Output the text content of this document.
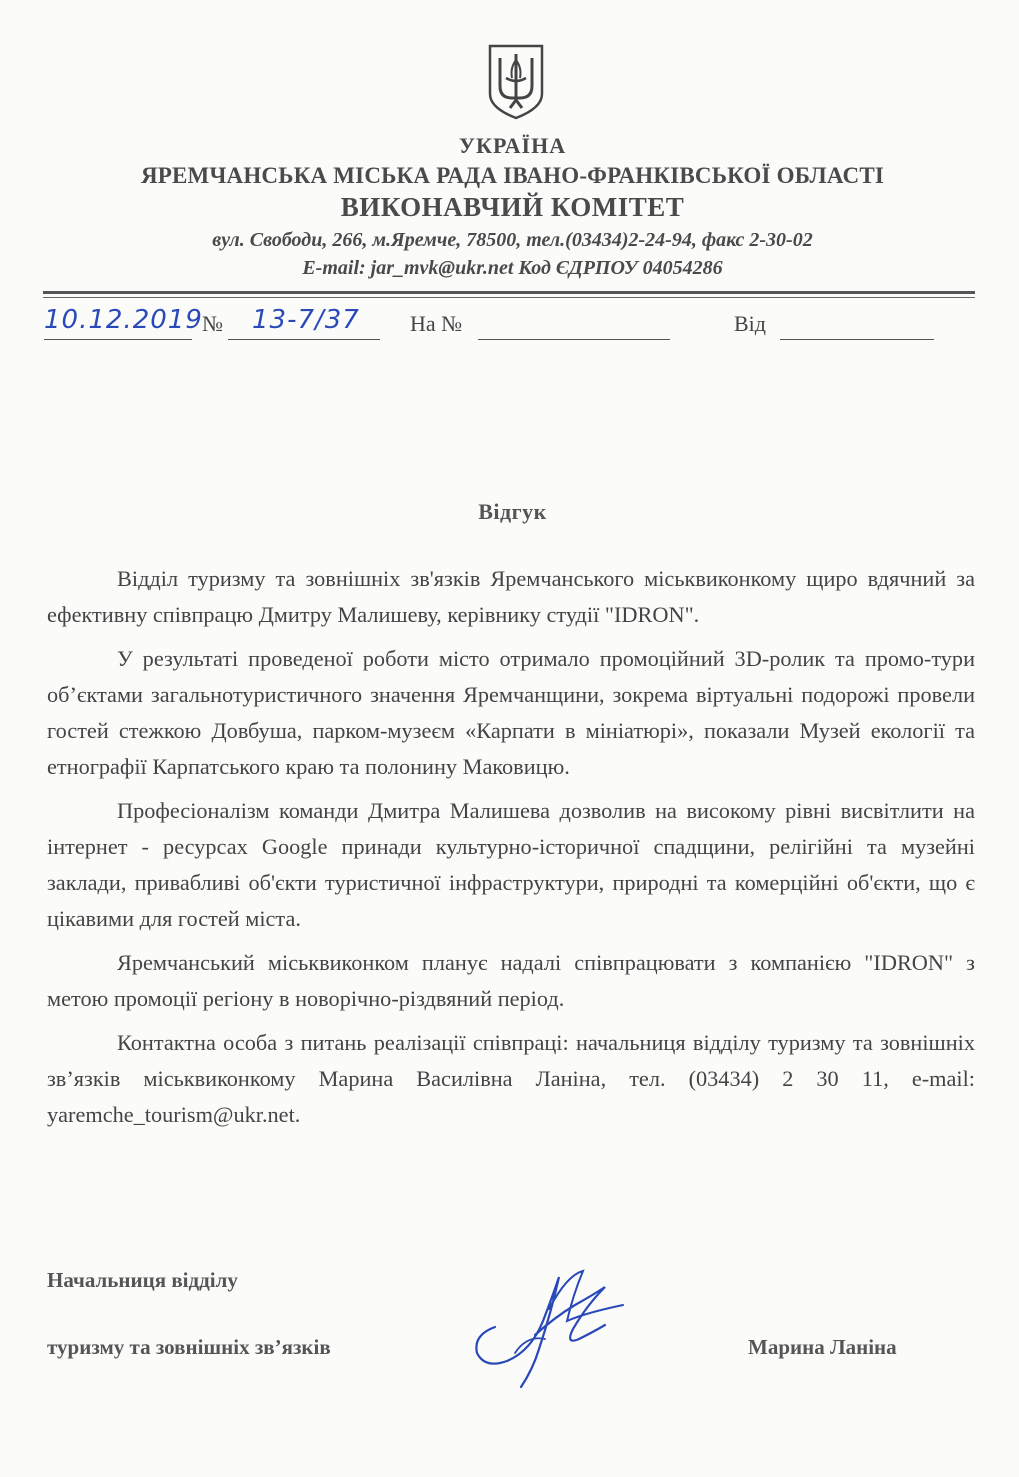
УКРАЇНА
ЯРЕМЧАНСЬКА МІСЬКА РАДА ІВАНО-ФРАНКІВСЬКОЇ ОБЛАСТІ
ВИКОНАВЧИЙ КОМІТЕТ
вул. Свободи, 266, м.Яремче, 78500, тел.(03434)2-24-94, факс 2-30-02
E-mail: jar_mvk@ukr.net Код ЄДРПОУ 04054286
10.12.2019 № 13-7/37 На №	Від
Відгук

Відділ туризму та зовнішніх зв'язків Яремчанського міськвиконкому щиро вдячний за ефективну співпрацю Дмитру Малишеву, керівнику студії "IDRON".

У результаті проведеної роботи місто отримало промоційний 3D-ролик та промо-тури об’єктами загальнотуристичного значення Яремчанщини, зокрема віртуальні подорожі провели гостей стежкою Довбуша, парком-музеєм «Карпати в мініатюрі», показали Музей екології та етнографії Карпатського краю та полонину Маковицю.

Професіоналізм команди Дмитра Малишева дозволив на високому рівні висвітлити на інтернет - ресурсах Google принади культурно-історичної спадщини, релігійні та музейні заклади, привабливі об'єкти туристичної інфраструктури, природні та комерційні об'єкти, що є цікавими для гостей міста.

Яремчанський міськвиконком планує надалі співпрацювати з компанією "IDRON" з метою промоції регіону в новорічно-різдвяний період.

Контактна особа з питань реалізації співпраці: начальниця відділу туризму та зовнішніх зв’язків міськвиконкому Марина Василівна Ланіна, тел. (03434) 2 30 11, e-mail: yaremche_tourism@ukr.net.

Начальниця відділу
туризму та зовнішніх зв’язків	Марина Ланіна
